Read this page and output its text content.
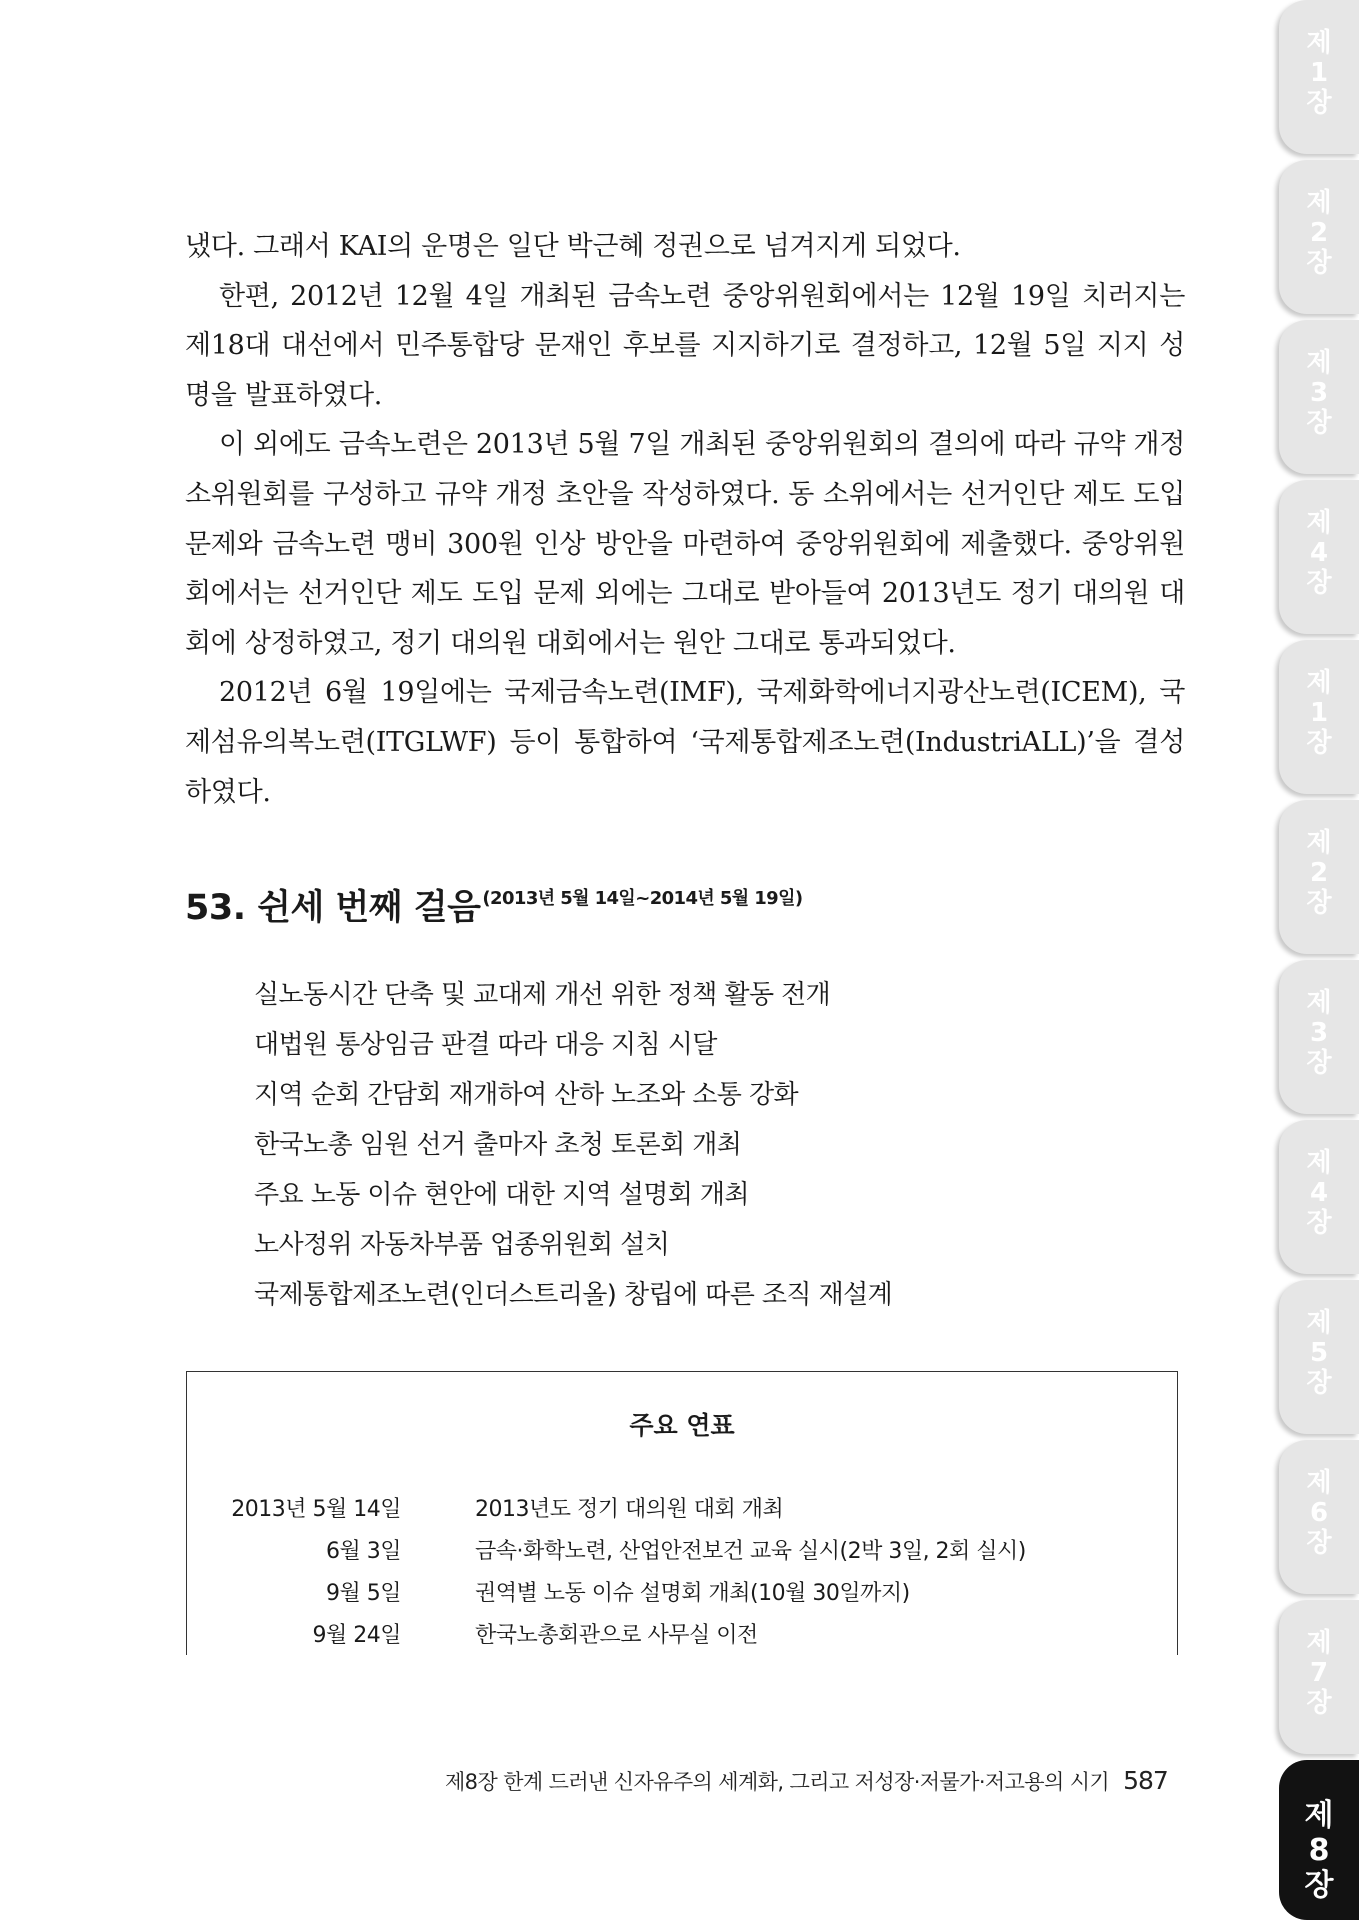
냈다. 그래서 KAI의 운명은 일단 박근혜 정권으로 넘겨지게 되었다.

한편, 2012년 12월 4일 개최된 금속노련 중앙위원회에서는 12월 19일 치러지는 제18대 대선에서 민주통합당 문재인 후보를 지지하기로 결정하고, 12월 5일 지지 성명을 발표하였다.

이 외에도 금속노련은 2013년 5월 7일 개최된 중앙위원회의 결의에 따라 규약 개정 소위원회를 구성하고 규약 개정 초안을 작성하였다. 동 소위에서는 선거인단 제도 도입 문제와 금속노련 맹비 300원 인상 방안을 마련하여 중앙위원회에 제출했다. 중앙위원회에서는 선거인단 제도 도입 문제 외에는 그대로 받아들여 2013년도 정기 대의원 대회에 상정하였고, 정기 대의원 대회에서는 원안 그대로 통과되었다.

2012년 6월 19일에는 국제금속노련(IMF), 국제화학에너지광산노련(ICEM), 국제섬유의복노련(ITGLWF) 등이 통합하여 ‘국제통합제조노련(IndustriALL)’을 결성하였다.

53. 쉰세 번째 걸음 $^{(2013년 5월 14일\sim 2014년 5월 19일)}$
실노동시간 단축 및 교대제 개선 위한 정책 활동 전개
대법원 통상임금 판결 따라 대응 지침 시달
지역 순회 간담회 재개하여 산하 노조와 소통 강화
한국노총 임원 선거 출마자 초청 토론회 개최
주요 노동 이슈 현안에 대한 지역 설명회 개최
노사정위 자동차부품 업종위원회 설치
국제통합제조노련(인더스트리올) 창립에 따른 조직 재설계
주요 연표
2013년 5월 14일	2013년도 정기 대의원 대회 개최
6월 3일	금속·화학노련, 산업안전보건 교육 실시(2박 3일, 2회 실시)
9월 5일	권역별 노동 이슈 설명회 개최(10월 30일까지)
9월 24일	한국노총회관으로 사무실 이전
제8장 한계 드러낸 신자유주의 세계화, 그리고 저성장·저물가·저고용의 시기 587
제
1
장
제
2
장
제
3
장
제
4
장
제
1
장
제
2
장
제
3
장
제
4
장
제
5
장
제
6
장
제
7
장
제
8
장
